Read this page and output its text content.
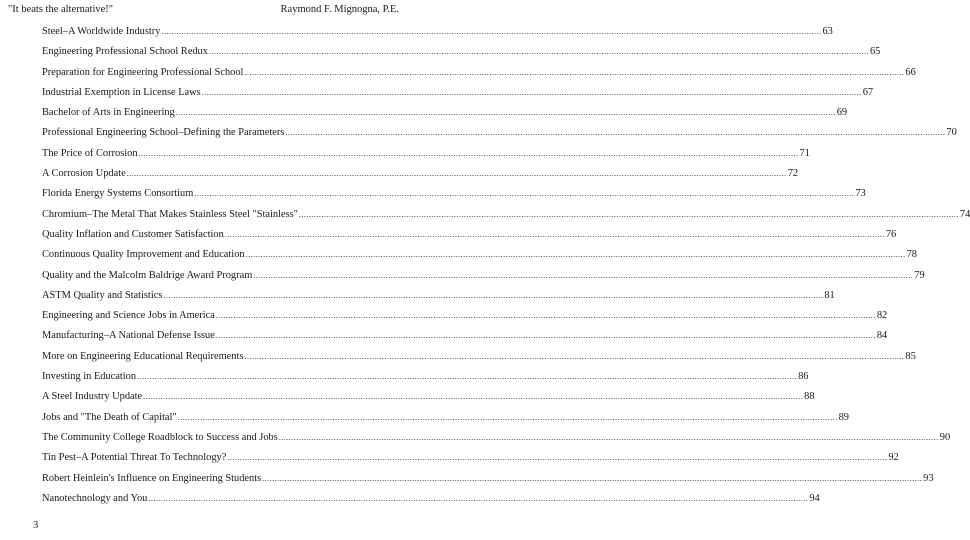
"It beats the alternative!"	Raymond F. Mignogna, P.E.
Steel–A Worldwide Industry .....	63
Engineering Professional School Redux .....	65
Preparation for Engineering Professional School .....	66
Industrial Exemption in License Laws .....	67
Bachelor of Arts in Engineering .....	69
Professional Engineering School–Defining the Parameters .....	70
The Price of Corrosion .....	71
A Corrosion Update .....	72
Florida Energy Systems Consortium .....	73
Chromium–The Metal That Makes Stainless Steel "Stainless" .....	74
Quality Inflation and Customer Satisfaction .....	76
Continuous Quality Improvement and Education .....	78
Quality and the Malcolm Baldrige Award Program .....	79
ASTM Quality and Statistics .....	81
Engineering and Science Jobs in America .....	82
Manufacturing–A National Defense Issue .....	84
More on Engineering Educational Requirements .....	85
Investing in Education .....	86
A Steel Industry Update .....	88
Jobs and "The Death of Capital" .....	89
The Community College Roadblock to Success and Jobs .....	90
Tin Pest–A Potential Threat To Technology? .....	92
Robert Heinlein's Influence on Engineering Students .....	93
Nanotechnology and You .....	94
3
